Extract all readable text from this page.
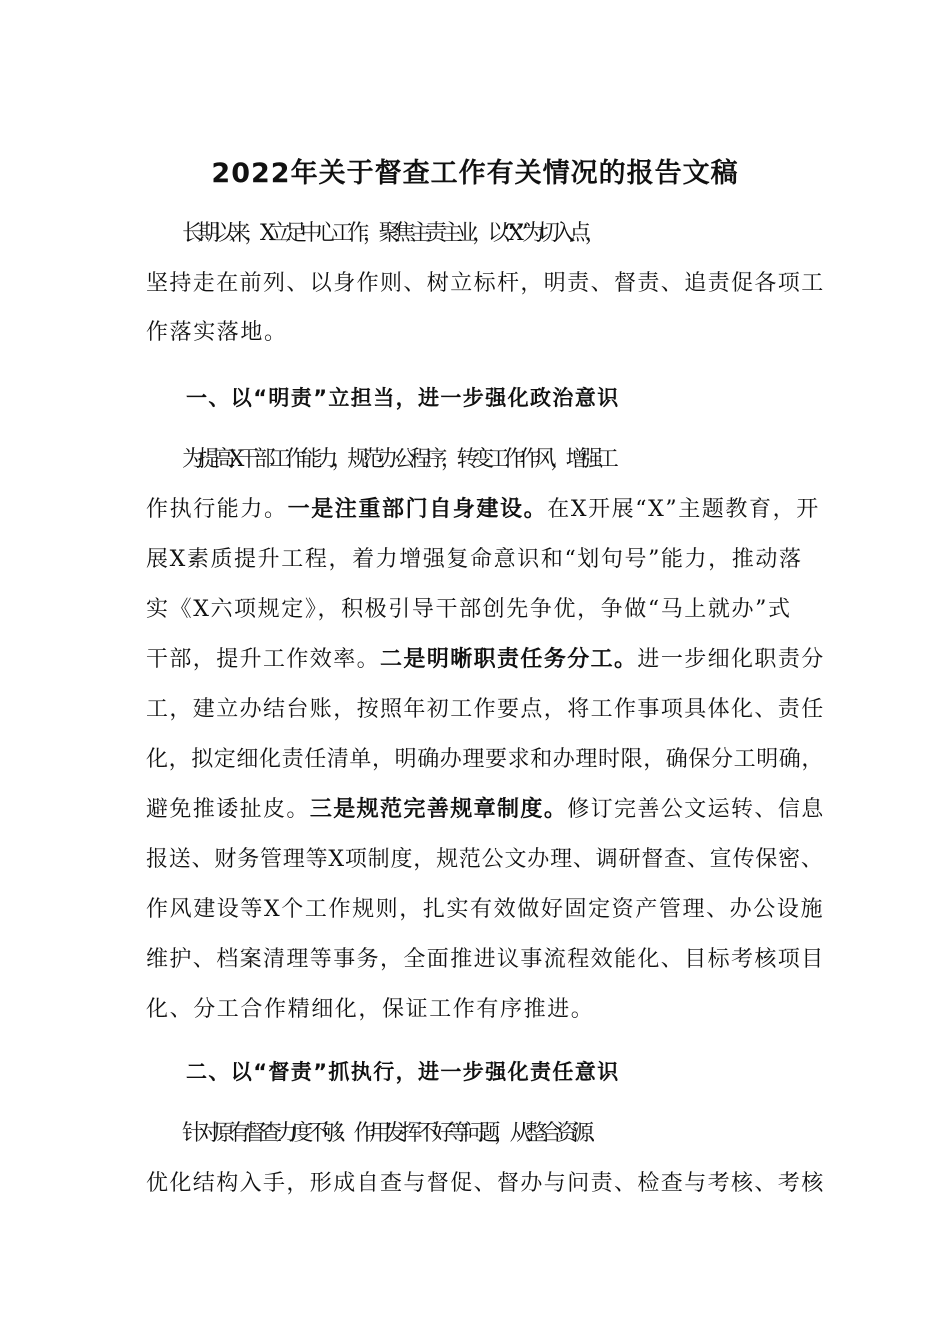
2022年关于督查工作有关情况的报告文稿

长期以来，X立足中心工作，聚焦主责主业，以“X”为切入点，

坚持走在前列、以身作则、树立标杆，明责、督责、追责促各项工

作落实落地。

一、以“明责”立担当，进一步强化政治意识

为提高X干部工作能力，规范办公程序，转变工作作风，增强工

作执行能力。一是注重部门自身建设。在X开展“X”主题教育，开

展X素质提升工程，着力增强复命意识和“划句号”能力，推动落

实《X六项规定》，积极引导干部创先争优，争做“马上就办”式

干部，提升工作效率。二是明晰职责任务分工。进一步细化职责分

工，建立办结台账，按照年初工作要点，将工作事项具体化、责任

化，拟定细化责任清单，明确办理要求和办理时限，确保分工明确，

避免推诿扯皮。三是规范完善规章制度。修订完善公文运转、信息

报送、财务管理等X项制度，规范公文办理、调研督查、宣传保密、

作风建设等X个工作规则，扎实有效做好固定资产管理、办公设施

维护、档案清理等事务，全面推进议事流程效能化、目标考核项目

化、分工合作精细化，保证工作有序推进。

二、以“督责”抓执行，进一步强化责任意识

针对原有督查力度不够、作用发挥不好等问题，从整合资源、

优化结构入手，形成自查与督促、督办与问责、检查与考核、考核
